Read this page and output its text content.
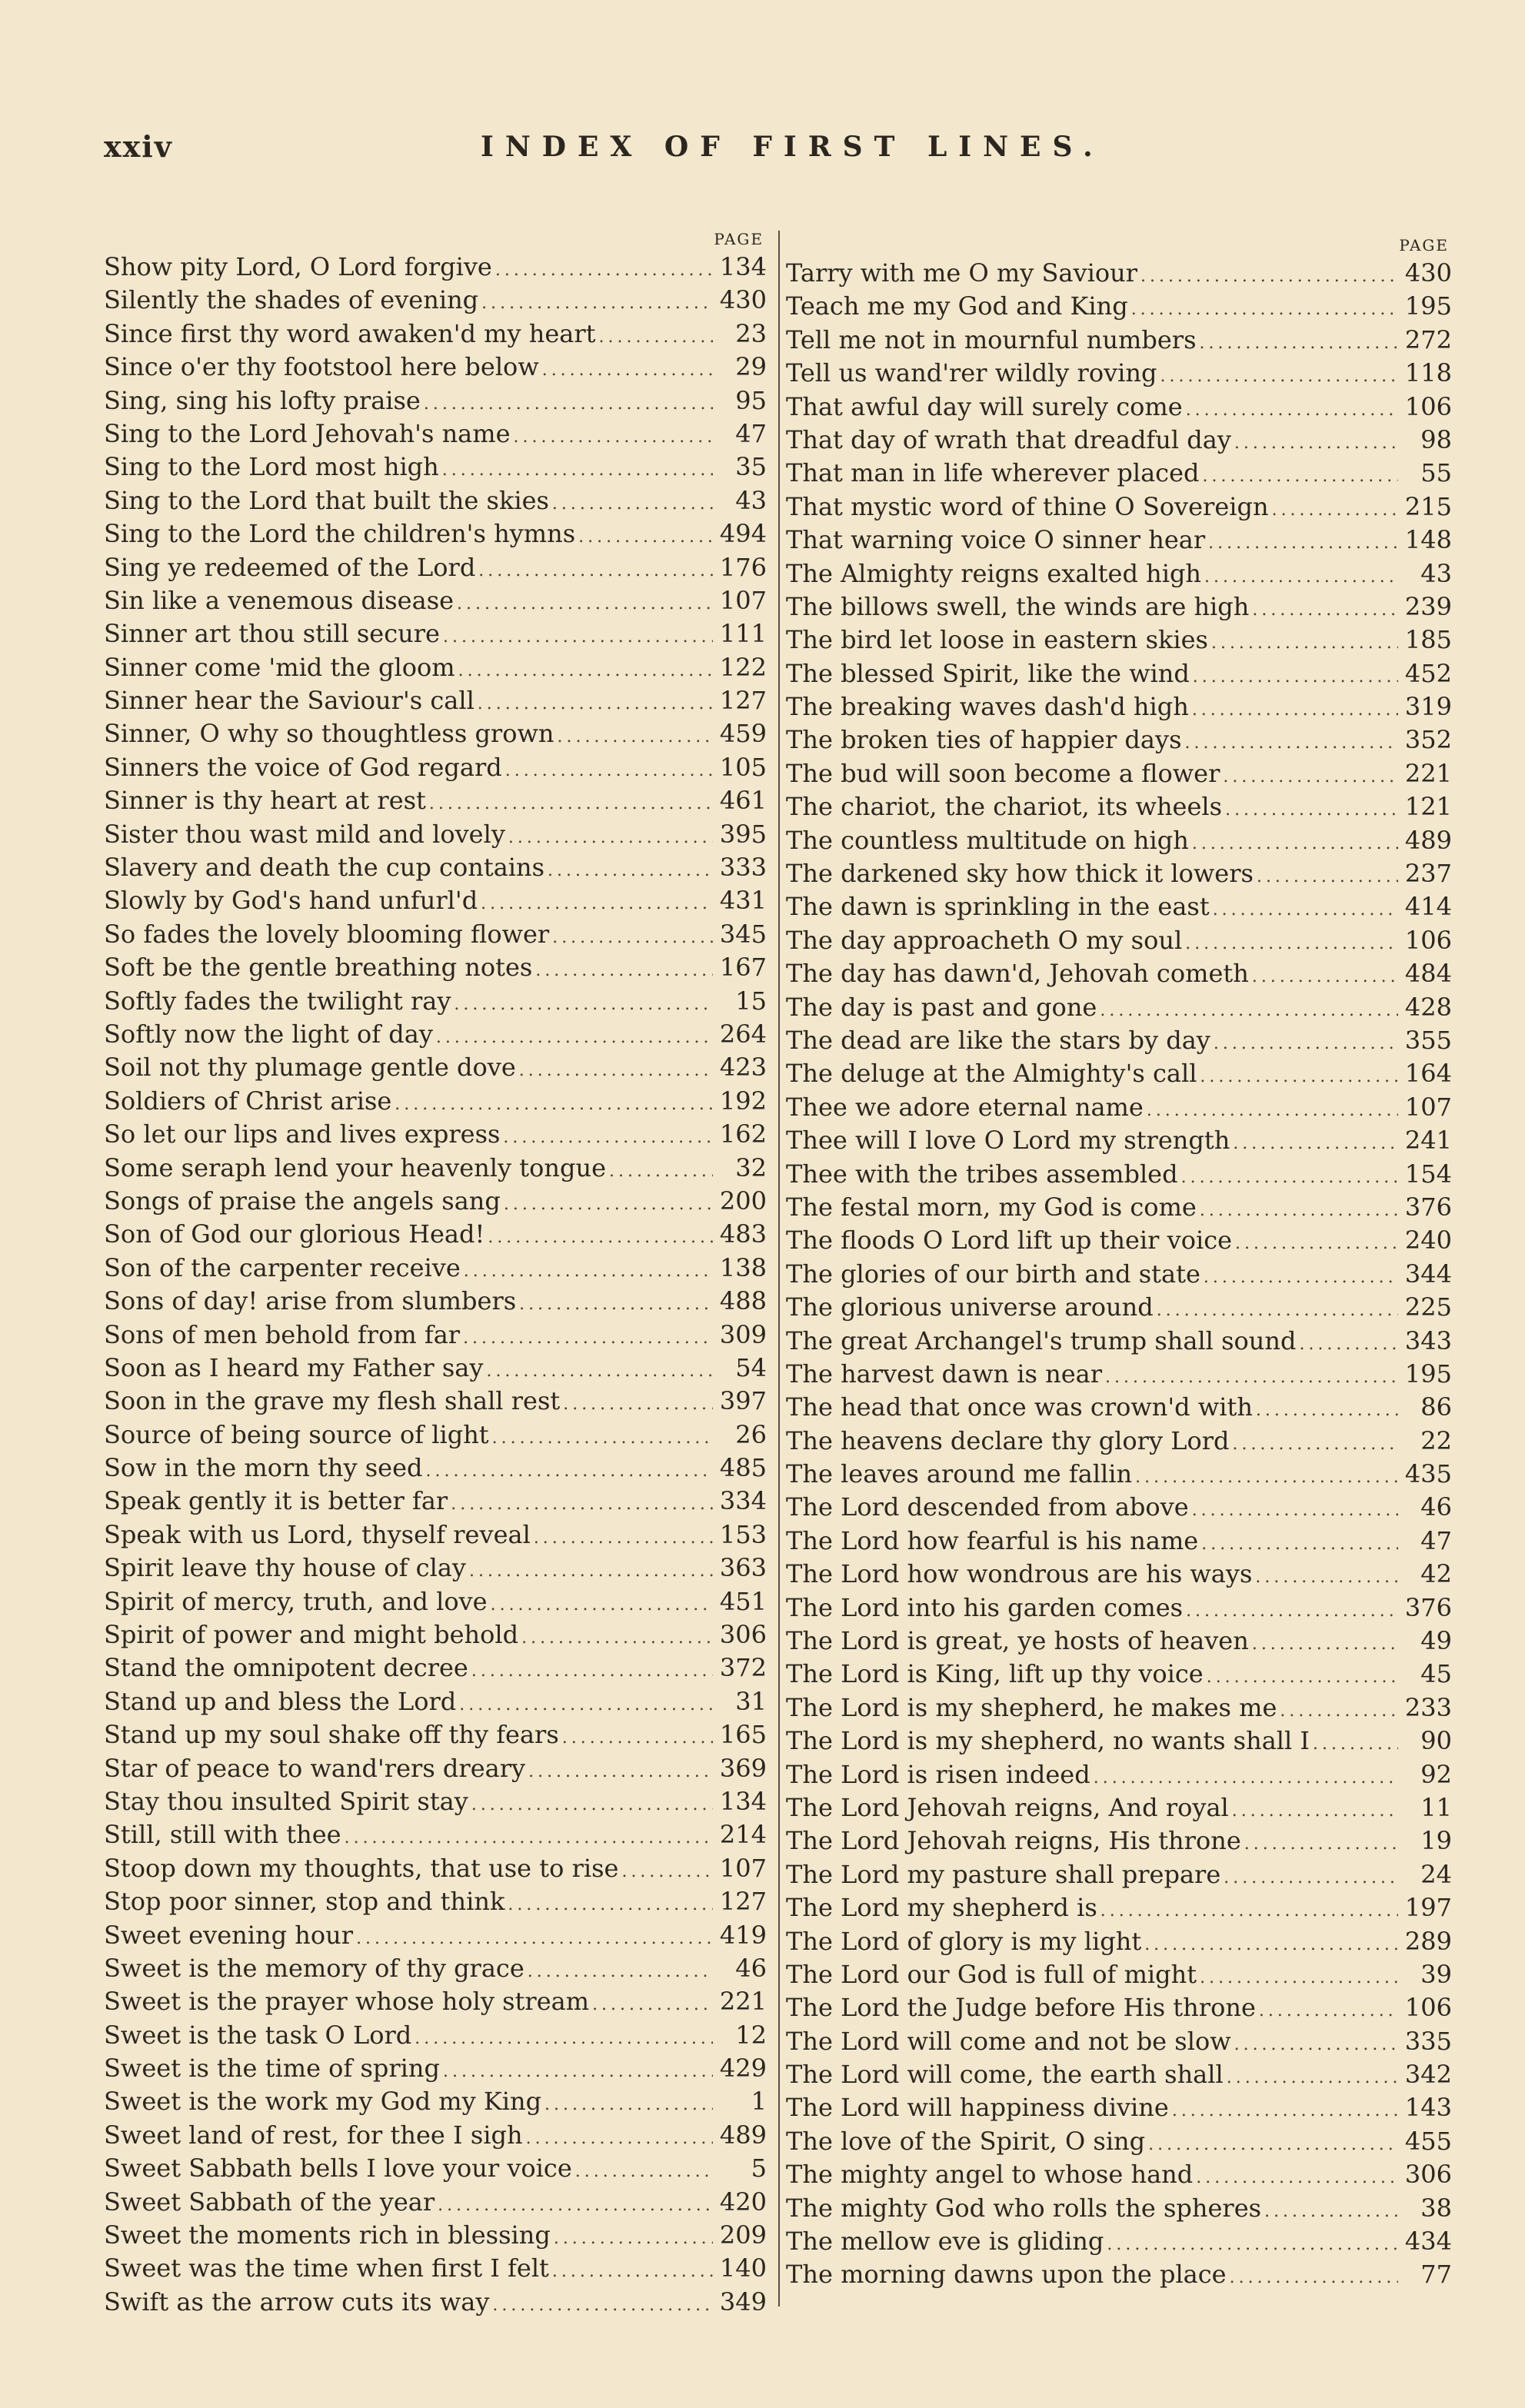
xxiv	INDEX OF FIRST LINES.
PAGE
Show pity Lord, O Lord forgive . . .	134
Silently the shades of evening . . .	430
Since first thy word awaken'd my heart . . .	23
Since o'er thy footstool here below . . .	29
Sing, sing his lofty praise . . .	95
Sing to the Lord Jehovah's name . . .	47
Sing to the Lord most high . . .	35
Sing to the Lord that built the skies . . .	43
Sing to the Lord the children's hymns . . .	494
Sing ye redeemed of the Lord . . .	176
Sin like a venemous disease . . .	107
Sinner art thou still secure . . .	111
Sinner come 'mid the gloom . . .	122
Sinner hear the Saviour's call . . .	127
Sinner, O why so thoughtless grown . . .	459
Sinners the voice of God regard . . .	105
Sinner is thy heart at rest . . .	461
Sister thou wast mild and lovely . . .	395
Slavery and death the cup contains . . .	333
Slowly by God's hand unfurl'd . . .	431
So fades the lovely blooming flower . . .	345
Soft be the gentle breathing notes . . .	167
Softly fades the twilight ray . . .	15
Softly now the light of day . . .	264
Soil not thy plumage gentle dove . . .	423
Soldiers of Christ arise . . .	192
So let our lips and lives express . . .	162
Some seraph lend your heavenly tongue . . .	32
Songs of praise the angels sang . . .	200
Son of God our glorious Head! . . .	483
Son of the carpenter receive . . .	138
Sons of day! arise from slumbers . . .	488
Sons of men behold from far . . .	309
Soon as I heard my Father say . . .	54
Soon in the grave my flesh shall rest . . .	397
Source of being source of light . . .	26
Sow in the morn thy seed . . .	485
Speak gently it is better far . . .	334
Speak with us Lord, thyself reveal . . .	153
Spirit leave thy house of clay . . .	363
Spirit of mercy, truth, and love . . .	451
Spirit of power and might behold . . .	306
Stand the omnipotent decree . . .	372
Stand up and bless the Lord . . .	31
Stand up my soul shake off thy fears . . .	165
Star of peace to wand'rers dreary . . .	369
Stay thou insulted Spirit stay . . .	134
Still, still with thee . . .	214
Stoop down my thoughts, that use to rise . . .	107
Stop poor sinner, stop and think . . .	127
Sweet evening hour . . .	419
Sweet is the memory of thy grace . . .	46
Sweet is the prayer whose holy stream . . .	221
Sweet is the task O Lord . . .	12
Sweet is the time of spring . . .	429
Sweet is the work my God my King . . .	1
Sweet land of rest, for thee I sigh . . .	489
Sweet Sabbath bells I love your voice . . .	5
Sweet Sabbath of the year . . .	420
Sweet the moments rich in blessing . . .	209
Sweet was the time when first I felt . . .	140
Swift as the arrow cuts its way . . .	349
PAGE
Tarry with me O my Saviour . . .	430
Teach me my God and King . . .	195
Tell me not in mournful numbers . . .	272
Tell us wand'rer wildly roving . . .	118
That awful day will surely come . . .	106
That day of wrath that dreadful day . . .	98
That man in life wherever placed . . .	55
That mystic word of thine O Sovereign . . .	215
That warning voice O sinner hear . . .	148
The Almighty reigns exalted high . . .	43
The billows swell, the winds are high . . .	239
The bird let loose in eastern skies . . .	185
The blessed Spirit, like the wind . . .	452
The breaking waves dash'd high . . .	319
The broken ties of happier days . . .	352
The bud will soon become a flower . . .	221
The chariot, the chariot, its wheels . . .	121
The countless multitude on high . . .	489
The darkened sky how thick it lowers . . .	237
The dawn is sprinkling in the east . . .	414
The day approacheth O my soul . . .	106
The day has dawn'd, Jehovah cometh . . .	484
The day is past and gone . . .	428
The dead are like the stars by day . . .	355
The deluge at the Almighty's call . . .	164
Thee we adore eternal name . . .	107
Thee will I love O Lord my strength . . .	241
Thee with the tribes assembled . . .	154
The festal morn, my God is come . . .	376
The floods O Lord lift up their voice . . .	240
The glories of our birth and state . . .	344
The glorious universe around . . .	225
The great Archangel's trump shall sound . . .	343
The harvest dawn is near . . .	195
The head that once was crown'd with . . .	86
The heavens declare thy glory Lord . . .	22
The leaves around me fallin . . .	435
The Lord descended from above . . .	46
The Lord how fearful is his name . . .	47
The Lord how wondrous are his ways . . .	42
The Lord into his garden comes . . .	376
The Lord is great, ye hosts of heaven . . .	49
The Lord is King, lift up thy voice . . .	45
The Lord is my shepherd, he makes me . . .	233
The Lord is my shepherd, no wants shall I . . .	90
The Lord is risen indeed . . .	92
The Lord Jehovah reigns, And royal . . .	11
The Lord Jehovah reigns, His throne . . .	19
The Lord my pasture shall prepare . . .	24
The Lord my shepherd is . . .	197
The Lord of glory is my light . . .	289
The Lord our God is full of might . . .	39
The Lord the Judge before His throne . . .	106
The Lord will come and not be slow . . .	335
The Lord will come, the earth shall . . .	342
The Lord will happiness divine . . .	143
The love of the Spirit, O sing . . .	455
The mighty angel to whose hand . . .	306
The mighty God who rolls the spheres . . .	38
The mellow eve is gliding . . .	434
The morning dawns upon the place . . .	77
